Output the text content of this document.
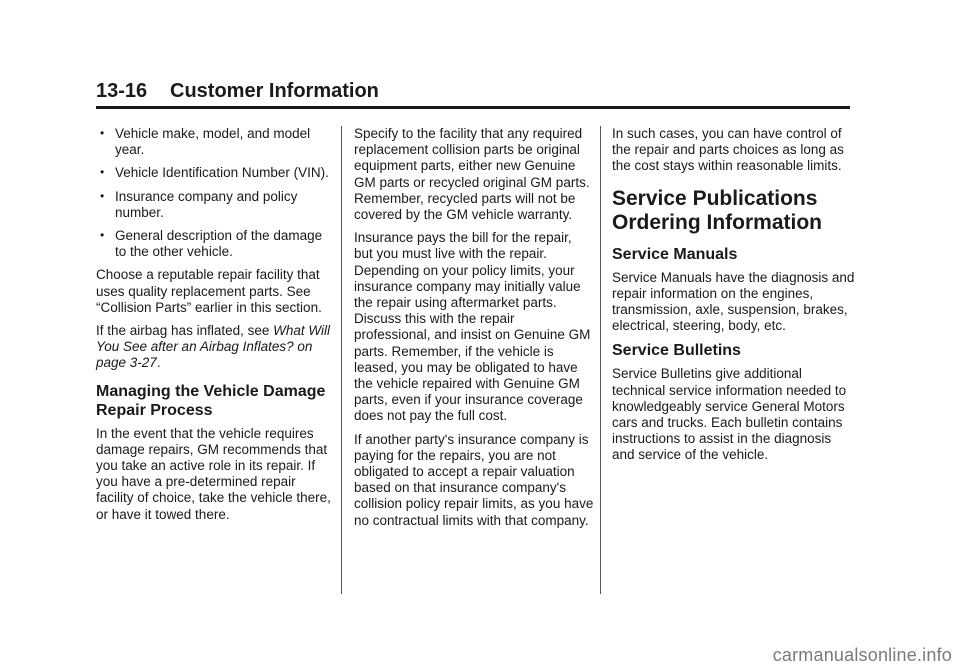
13-16 Customer Information
• Vehicle make, model, and model year.
• Vehicle Identification Number (VIN).
• Insurance company and policy number.
• General description of the damage to the other vehicle.

Choose a reputable repair facility that uses quality replacement parts. See “Collision Parts” earlier in this section.

If the airbag has inflated, see What Will You See after an Airbag Inflates? on page 3-27.

Managing the Vehicle Damage Repair Process

In the event that the vehicle requires damage repairs, GM recommends that you take an active role in its repair. If you have a pre-determined repair facility of choice, take the vehicle there, or have it towed there.

Specify to the facility that any required replacement collision parts be original equipment parts, either new Genuine GM parts or recycled original GM parts. Remember, recycled parts will not be covered by the GM vehicle warranty.

Insurance pays the bill for the repair, but you must live with the repair. Depending on your policy limits, your insurance company may initially value the repair using aftermarket parts. Discuss this with the repair professional, and insist on Genuine GM parts. Remember, if the vehicle is leased, you may be obligated to have the vehicle repaired with Genuine GM parts, even if your insurance coverage does not pay the full cost.

If another party's insurance company is paying for the repairs, you are not obligated to accept a repair valuation based on that insurance company's collision policy repair limits, as you have no contractual limits with that company.

In such cases, you can have control of the repair and parts choices as long as the cost stays within reasonable limits.

Service Publications Ordering Information
Service Manuals

Service Manuals have the diagnosis and repair information on the engines, transmission, axle, suspension, brakes, electrical, steering, body, etc.

Service Bulletins

Service Bulletins give additional technical service information needed to knowledgeably service General Motors cars and trucks. Each bulletin contains instructions to assist in the diagnosis and service of the vehicle.

carmanualsonline.info
